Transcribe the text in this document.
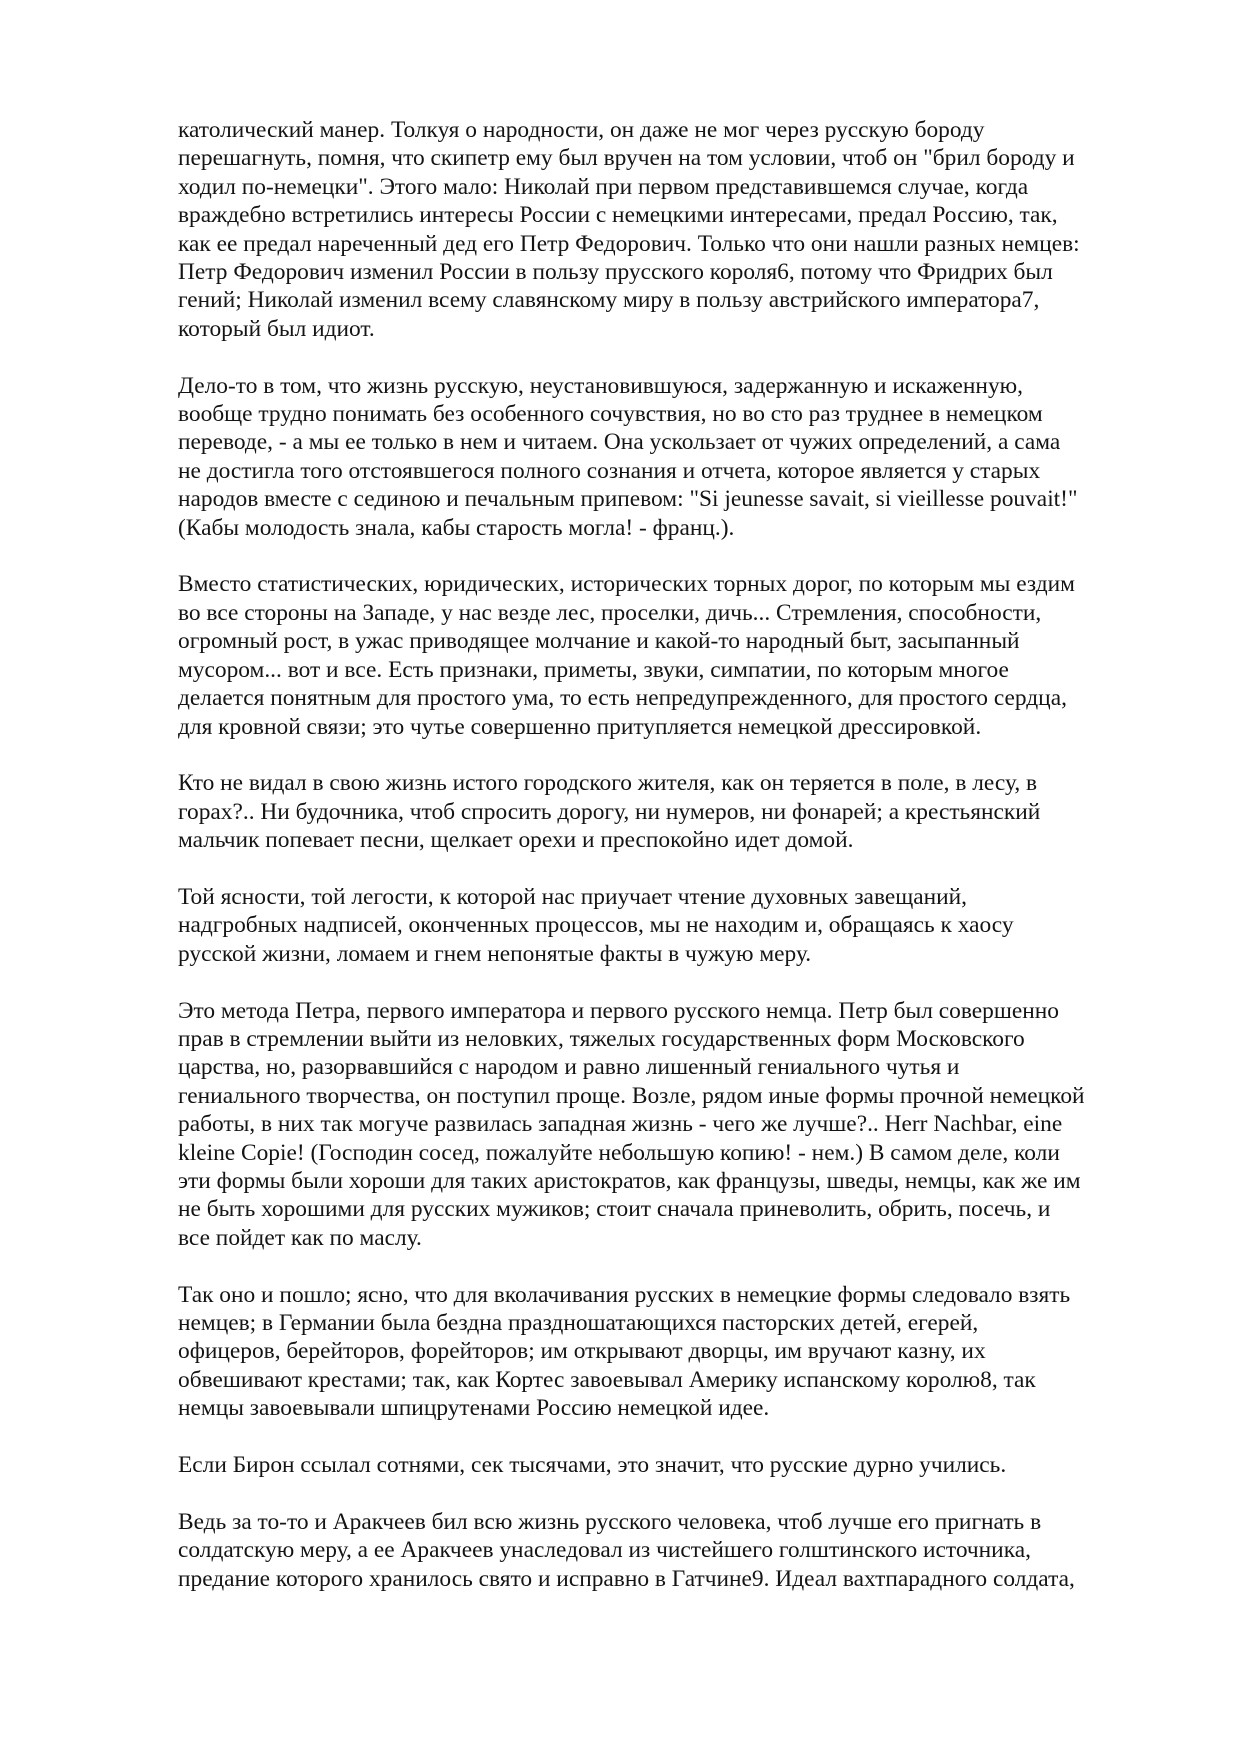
католический манер. Толкуя о народности, он даже не мог через русскую бороду
перешагнуть, помня, что скипетр ему был вручен на том условии, чтоб он "брил бороду и
ходил по-немецки". Этого мало: Николай при первом представившемся случае, когда
враждебно встретились интересы России с немецкими интересами, предал Россию, так,
как ее предал нареченный дед его Петр Федорович. Только что они нашли разных немцев:
Петр Федорович изменил России в пользу прусского короля6, потому что Фридрих был
гений; Николай изменил всему славянскому миру в пользу австрийского императора7,
который был идиот.

Дело-то в том, что жизнь русскую, неустановившуюся, задержанную и искаженную,
вообще трудно понимать без особенного сочувствия, но во сто раз труднее в немецком
переводе, - а мы ее только в нем и читаем. Она ускользает от чужих определений, а сама
не достигла того отстоявшегося полного сознания и отчета, которое является у старых
народов вместе с сединою и печальным припевом: "Si jeunesse savait, si vieillesse pouvait!"
(Кабы молодость знала, кабы старость могла! - франц.).

Вместо статистических, юридических, исторических торных дорог, по которым мы ездим
во все стороны на Западе, у нас везде лес, проселки, дичь... Стремления, способности,
огромный рост, в ужас приводящее молчание и какой-то народный быт, засыпанный
мусором... вот и все. Есть признаки, приметы, звуки, симпатии, по которым многое
делается понятным для простого ума, то есть непредупрежденного, для простого сердца,
для кровной связи; это чутье совершенно притупляется немецкой дрессировкой.

Кто не видал в свою жизнь истого городского жителя, как он теряется в поле, в лесу, в
горах?.. Ни будочника, чтоб спросить дорогу, ни нумеров, ни фонарей; а крестьянский
мальчик попевает песни, щелкает орехи и преспокойно идет домой.

Той ясности, той легости, к которой нас приучает чтение духовных завещаний,
надгробных надписей, оконченных процессов, мы не находим и, обращаясь к хаосу
русской жизни, ломаем и гнем непонятые факты в чужую меру.

Это метода Петра, первого императора и первого русского немца. Петр был совершенно
прав в стремлении выйти из неловких, тяжелых государственных форм Московского
царства, но, разорвавшийся с народом и равно лишенный гениального чутья и
гениального творчества, он поступил проще. Возле, рядом иные формы прочной немецкой
работы, в них так могуче развилась западная жизнь - чего же лучше?.. Herr Nachbar, eine
kleine Copie! (Господин сосед, пожалуйте небольшую копию! - нем.) В самом деле, коли
эти формы были хороши для таких аристократов, как французы, шведы, немцы, как же им
не быть хорошими для русских мужиков; стоит сначала приневолить, обрить, посечь, и
все пойдет как по маслу.

Так оно и пошло; ясно, что для вколачивания русских в немецкие формы следовало взять
немцев; в Германии была бездна праздношатающихся пасторских детей, егерей,
офицеров, берейторов, форейторов; им открывают дворцы, им вручают казну, их
обвешивают крестами; так, как Кортес завоевывал Америку испанскому королю8, так
немцы завоевывали шпицрутенами Россию немецкой идее.

Если Бирон ссылал сотнями, сек тысячами, это значит, что русские дурно учились.

Ведь за то-то и Аракчеев бил всю жизнь русского человека, чтоб лучше его пригнать в
солдатскую меру, а ее Аракчеев унаследовал из чистейшего голштинского источника,
предание которого хранилось свято и исправно в Гатчине9. Идеал вахтпарадного солдата,
